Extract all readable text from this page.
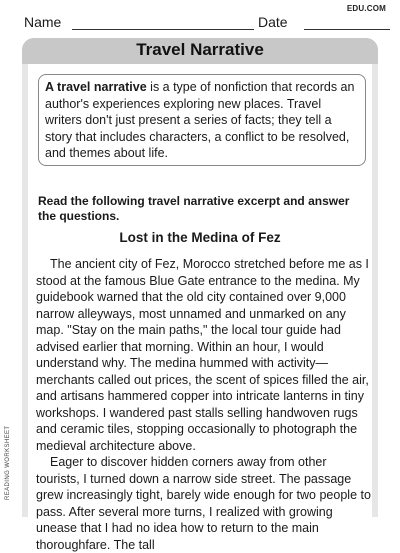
EDU.COM
Name	Date
Travel Narrative
A travel narrative is a type of nonfiction that records an author's experiences exploring new places. Travel writers don't just present a series of facts; they tell a story that includes characters, a conflict to be resolved, and themes about life.
Read the following travel narrative excerpt and answer the questions.
Lost in the Medina of Fez

The ancient city of Fez, Morocco stretched before me as I stood at the famous Blue Gate entrance to the medina. My guidebook warned that the old city contained over 9,000 narrow alleyways, most unnamed and unmarked on any map. "Stay on the main paths," the local tour guide had advised earlier that morning. Within an hour, I would understand why. The medina hummed with activity—merchants called out prices, the scent of spices filled the air, and artisans hammered copper into intricate lanterns in tiny workshops. I wandered past stalls selling handwoven rugs and ceramic tiles, stopping occasionally to photograph the medieval architecture above.

Eager to discover hidden corners away from other tourists, I turned down a narrow side street. The passage grew increasingly tight, barely wide enough for two people to pass. After several more turns, I realized with growing unease that I had no idea how to return to the main thoroughfare. The tall

READING WORKSHEET
